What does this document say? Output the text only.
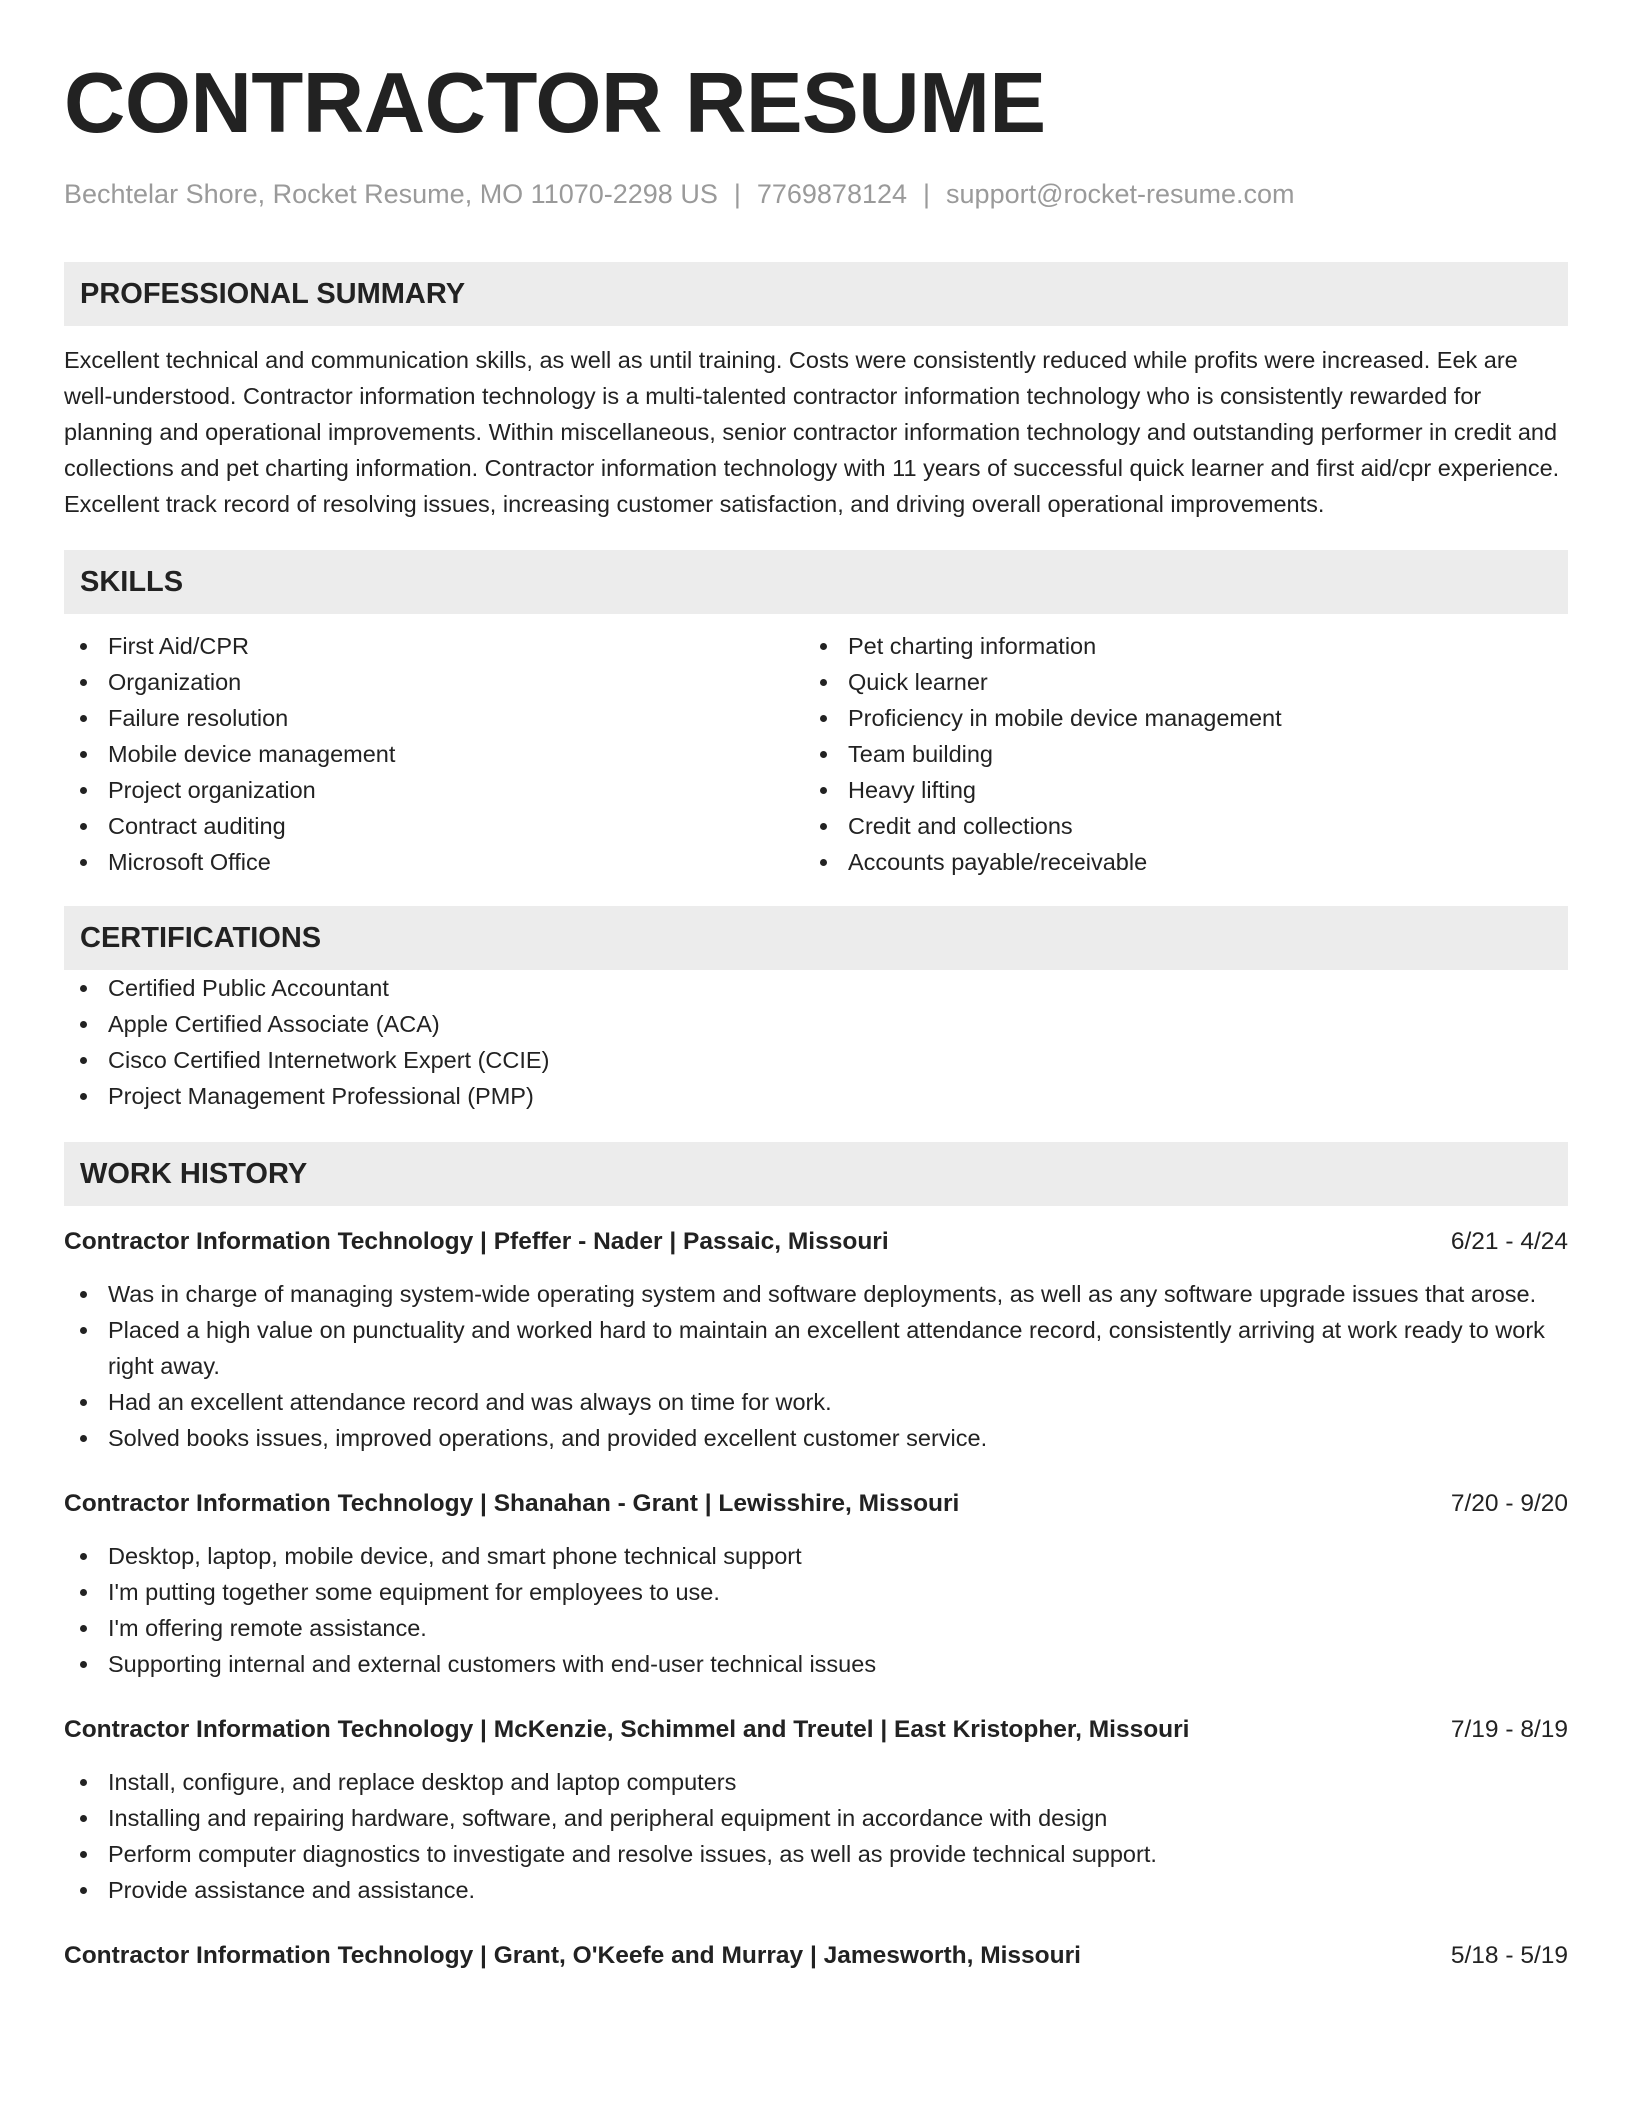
CONTRACTOR RESUME
Bechtelar Shore, Rocket Resume, MO 11070-2298 US | 7769878124 | support@rocket-resume.com
PROFESSIONAL SUMMARY
Excellent technical and communication skills, as well as until training. Costs were consistently reduced while profits were increased. Eek are well-understood. Contractor information technology is a multi-talented contractor information technology who is consistently rewarded for planning and operational improvements. Within miscellaneous, senior contractor information technology and outstanding performer in credit and collections and pet charting information. Contractor information technology with 11 years of successful quick learner and first aid/cpr experience. Excellent track record of resolving issues, increasing customer satisfaction, and driving overall operational improvements.
SKILLS
First Aid/CPR
Organization
Failure resolution
Mobile device management
Project organization
Contract auditing
Microsoft Office
Pet charting information
Quick learner
Proficiency in mobile device management
Team building
Heavy lifting
Credit and collections
Accounts payable/receivable
CERTIFICATIONS
Certified Public Accountant
Apple Certified Associate (ACA)
Cisco Certified Internetwork Expert (CCIE)
Project Management Professional (PMP)
WORK HISTORY
Contractor Information Technology | Pfeffer - Nader | Passaic, Missouri	6/21 - 4/24
Was in charge of managing system-wide operating system and software deployments, as well as any software upgrade issues that arose.
Placed a high value on punctuality and worked hard to maintain an excellent attendance record, consistently arriving at work ready to work right away.
Had an excellent attendance record and was always on time for work.
Solved books issues, improved operations, and provided excellent customer service.
Contractor Information Technology | Shanahan - Grant | Lewisshire, Missouri	7/20 - 9/20
Desktop, laptop, mobile device, and smart phone technical support
I'm putting together some equipment for employees to use.
I'm offering remote assistance.
Supporting internal and external customers with end-user technical issues
Contractor Information Technology | McKenzie, Schimmel and Treutel | East Kristopher, Missouri	7/19 - 8/19
Install, configure, and replace desktop and laptop computers
Installing and repairing hardware, software, and peripheral equipment in accordance with design
Perform computer diagnostics to investigate and resolve issues, as well as provide technical support.
Provide assistance and assistance.
Contractor Information Technology | Grant, O'Keefe and Murray | Jamesworth, Missouri	5/18 - 5/19
